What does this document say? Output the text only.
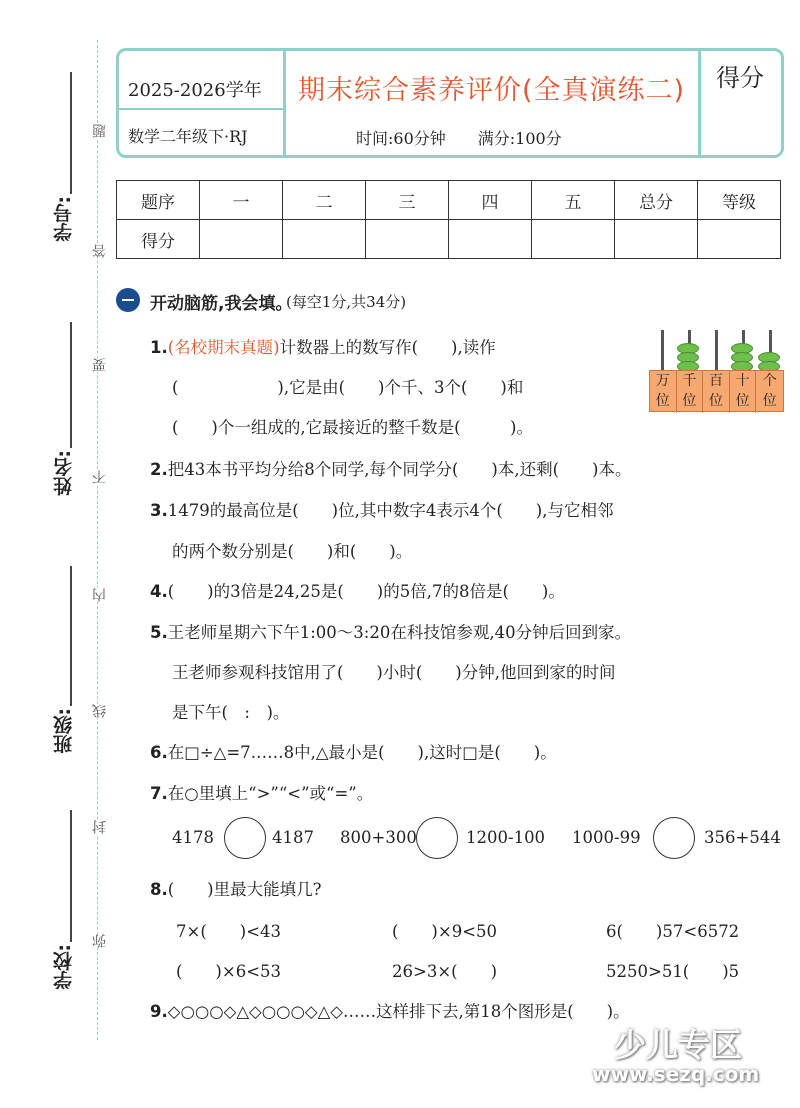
2025-2026学年
数学二年级下·RJ
期末综合素养评价(全真演练二)
时间:60分钟　　满分:100分
得分
题序	一	二	三	四	五	总分	等级
得分							
学号:
姓名:
班级:
学校:
题
答
要
不
内
线
封
弥
开动脑筋,我会填。
(每空1分,共34分)
1.(名校期末真题)计数器上的数写作(　　),读作
(　　　　　　),它是由(　　)个千、3个(　　)和
(　　)个一组成的,它最接近的整千数是(　　　)。
万位
千位
百位
十位
个位
2.把43本书平均分给8个同学,每个同学分(　　)本,还剩(　　)本。
3.1479的最高位是(　　)位,其中数字4表示4个(　　),与它相邻
的两个数分别是(　　)和(　　)。
4.(　　)的3倍是24,25是(　　)的5倍,7的8倍是(　　)。
5.王老师星期六下午1:00～3:20在科技馆参观,40分钟后回到家。
王老师参观科技馆用了(　　)小时(　　)分钟,他回到家的时间
是下午(　:　)。
6.在□÷△=7……8中,△最小是(　　),这时□是(　　)。
7.在○里填上“>”“<”或“=”。
4178	4187 800+300	1200-100 1000-99	356+544
8.(　　)里最大能填几?
7×(　　)<43	(　　)×9<50	6(　　)57<6572
(　　)×6<53	26>3×(　　)	5250>51(　　)5
9.◇○○○◇△◇○○○◇△◇……这样排下去,第18个图形是(　　)。
少儿专区
www.sezq.com
